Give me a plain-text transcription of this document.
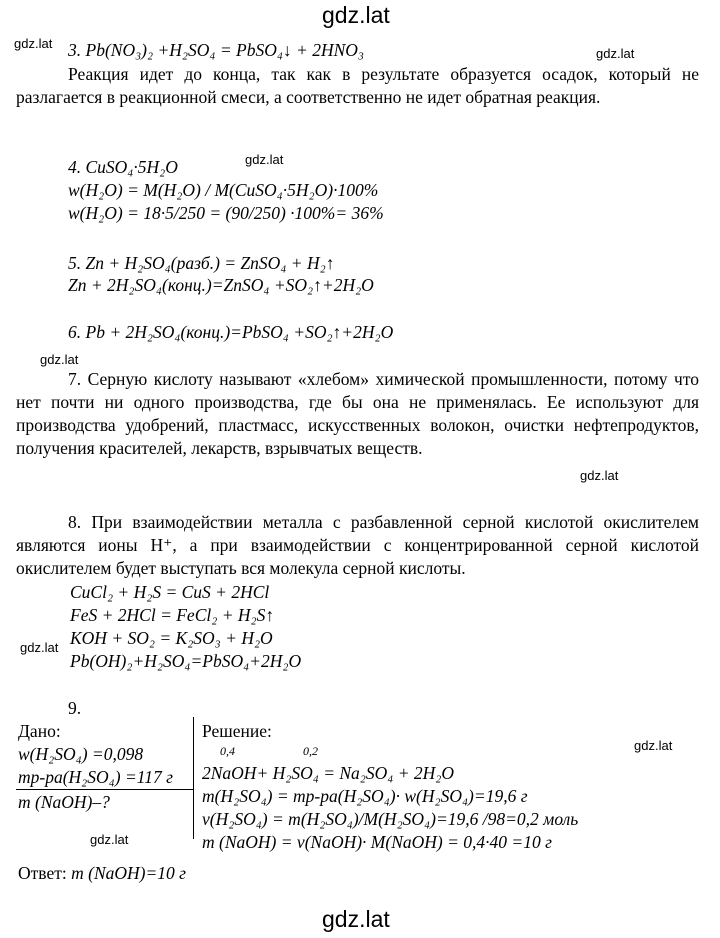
gdz.lat
gdz.lat
gdz.lat
gdz.lat
gdz.lat
gdz.lat
gdz.lat
gdz.lat
gdz.lat
gdz.lat
3. Pb(NO₃)₂ +H₂SO₄ = PbSO₄↓ + 2HNO₃
Реакция идет до конца, так как в результате образуется осадок, который не разлагается в реакционной смеси, а соответственно не идет обратная реакция.
4. CuSO₄·5H₂O
w(H₂O) = M(H₂O) / M(CuSO₄·5H₂O)·100%
w(H₂O) = 18·5/250 = (90/250) ·100%= 36%
5. Zn + H₂SO₄(разб.) = ZnSO₄ + H₂↑
Zn + 2H₂SO₄(конц.)=ZnSO₄ +SO₂↑+2H₂O
6. Pb + 2H₂SO₄(конц.)=PbSO₄ +SO₂↑+2H₂O
7. Серную кислоту называют «хлебом» химической промышленности, потому что нет почти ни одного производства, где бы она не применялась. Ее используют для производства удобрений, пластмасс, искусственных волокон, очистки нефтепродуктов, получения красителей, лекарств, взрывчатых веществ.
8. При взаимодействии металла с разбавленной серной кислотой окислителем являются ионы H⁺, а при взаимодействии с концентрированной серной кислотой окислителем будет выступать вся молекула серной кислоты.
CuCl₂ + H₂S = CuS + 2HCl
FeS + 2HCl = FeCl₂ + H₂S↑
KOH + SO₂ = K₂SO₃ + H₂O
Pb(OH)₂+H₂SO₄=PbSO₄+2H₂O
9.
Дано:
w(H₂SO₄) =0,098
mр-ра(H₂SO₄) =117 г
m (NaOH)–?
Решение:
0,4	0,2
2NaOH+ H₂SO₄ = Na₂SO₄ + 2H₂O
m(H₂SO₄) = mр-ра(H₂SO₄)· w(H₂SO₄)=19,6 г
ν(H₂SO₄) = m(H₂SO₄)/M(H₂SO₄)=19,6 /98=0,2 моль
m (NaOH) = ν(NaOH)· M(NaOH) = 0,4·40 =10 г
Ответ: m (NaOH)=10 г
